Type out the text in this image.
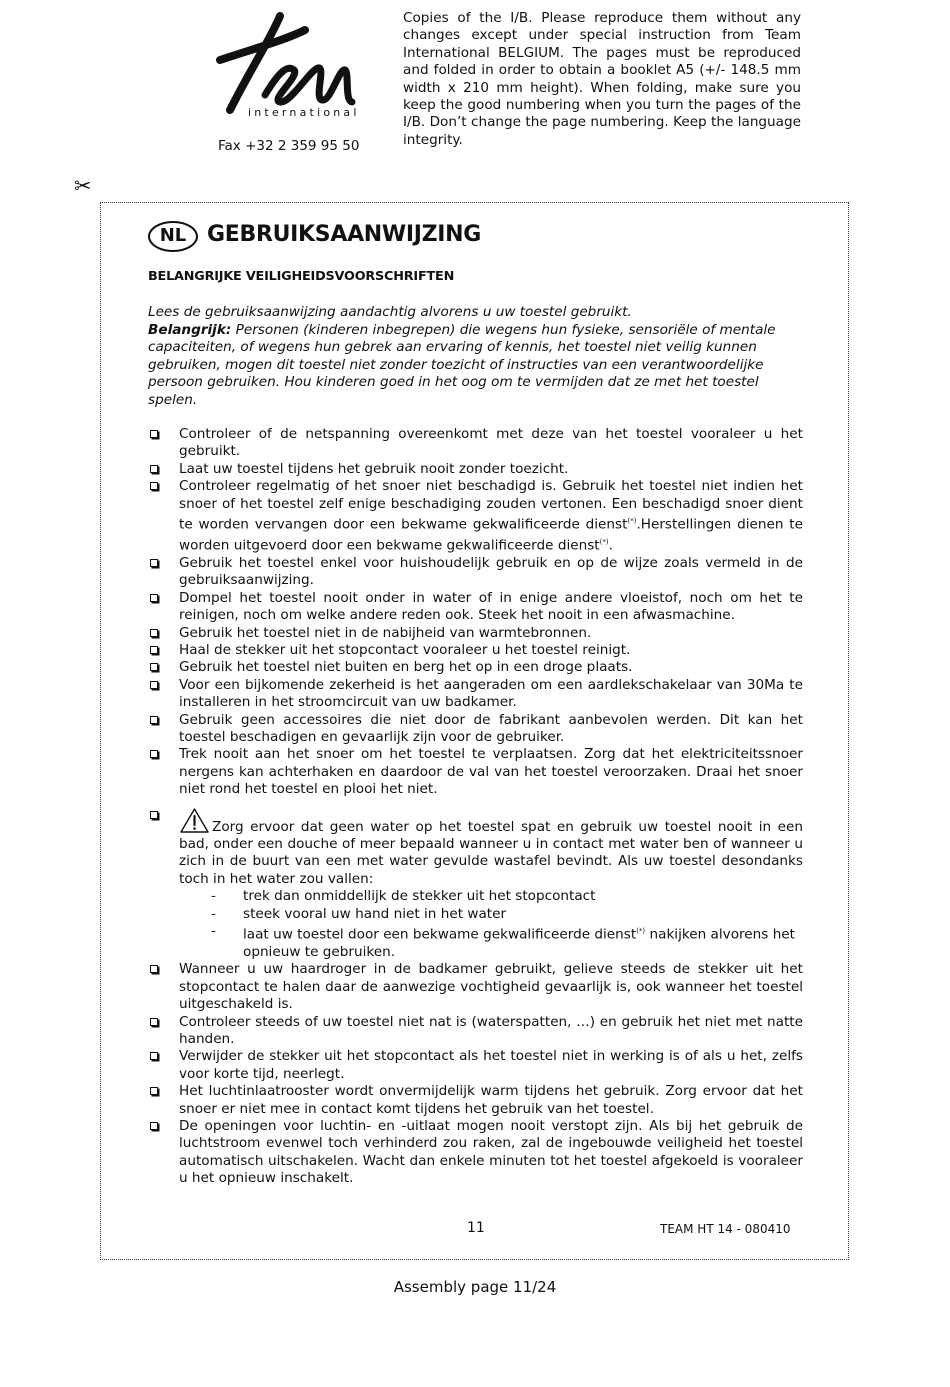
international
Fax +32 2 359 95 50
Copies of the I/B. Please reproduce them without any changes except under special instruction from Team International BELGIUM. The pages must be reproduced and folded in order to obtain a booklet A5 (+/- 148.5 mm width x 210 mm height). When folding, make sure you keep the good numbering when you turn the pages of the I/B. Don’t change the page numbering. Keep the language integrity.
✂
NL GEBRUIKSAANWIJZING
BELANGRIJKE VEILIGHEIDSVOORSCHRIFTEN

Lees de gebruiksaanwijzing aandachtig alvorens u uw toestel gebruikt.

Belangrijk: Personen (kinderen inbegrepen) die wegens hun fysieke, sensoriële of mentale capaciteiten, of wegens hun gebrek aan ervaring of kennis, het toestel niet veilig kunnen gebruiken, mogen dit toestel niet zonder toezicht of instructies van een verantwoordelijke persoon gebruiken. Hou kinderen goed in het oog om te vermijden dat ze met het toestel spelen.

Controleer of de netspanning overeenkomt met deze van het toestel vooraleer u het gebruikt.
Laat uw toestel tijdens het gebruik nooit zonder toezicht.
Controleer regelmatig of het snoer niet beschadigd is. Gebruik het toestel niet indien het snoer of het toestel zelf enige beschadiging zouden vertonen. Een beschadigd snoer dient te worden vervangen door een bekwame gekwalificeerde dienst(*).Herstellingen dienen te worden uitgevoerd door een bekwame gekwalificeerde dienst(*).
Gebruik het toestel enkel voor huishoudelijk gebruik en op de wijze zoals vermeld in de gebruiksaanwijzing.
Dompel het toestel nooit onder in water of in enige andere vloeistof, noch om het te reinigen, noch om welke andere reden ook. Steek het nooit in een afwasmachine.
Gebruik het toestel niet in de nabijheid van warmtebronnen.
Haal de stekker uit het stopcontact vooraleer u het toestel reinigt.
Gebruik het toestel niet buiten en berg het op in een droge plaats.
Voor een bijkomende zekerheid is het aangeraden om een aardlekschakelaar van 30Ma te installeren in het stroomcircuit van uw badkamer.
Gebruik geen accessoires die niet door de fabrikant aanbevolen werden. Dit kan het toestel beschadigen en gevaarlijk zijn voor de gebruiker.
Trek nooit aan het snoer om het toestel te verplaatsen. Zorg dat het elektriciteitssnoer nergens kan achterhaken en daardoor de val van het toestel veroorzaken. Draai het snoer niet rond het toestel en plooi het niet.
Zorg ervoor dat geen water op het toestel spat en gebruik uw toestel nooit in een bad, onder een douche of meer bepaald wanneer u in contact met water ben of wanneer u zich in de buurt van een met water gevulde wastafel bevindt. Als uw toestel desondanks toch in het water zou vallen:
- trek dan onmiddellijk de stekker uit het stopcontact
- steek vooral uw hand niet in het water
- laat uw toestel door een bekwame gekwalificeerde dienst(*) nakijken alvorens het opnieuw te gebruiken.
Wanneer u uw haardroger in de badkamer gebruikt, gelieve steeds de stekker uit het stopcontact te halen daar de aanwezige vochtigheid gevaarlijk is, ook wanneer het toestel uitgeschakeld is.
Controleer steeds of uw toestel niet nat is (waterspatten, …) en gebruik het niet met natte handen.
Verwijder de stekker uit het stopcontact als het toestel niet in werking is of als u het, zelfs voor korte tijd, neerlegt.
Het luchtinlaatrooster wordt onvermijdelijk warm tijdens het gebruik. Zorg ervoor dat het snoer er niet mee in contact komt tijdens het gebruik van het toestel.
De openingen voor luchtin- en -uitlaat mogen nooit verstopt zijn. Als bij het gebruik de luchtstroom evenwel toch verhinderd zou raken, zal de ingebouwde veiligheid het toestel automatisch uitschakelen. Wacht dan enkele minuten tot het toestel afgekoeld is vooraleer u het opnieuw inschakelt.
11	TEAM HT 14 - 080410
Assembly page 11/24
